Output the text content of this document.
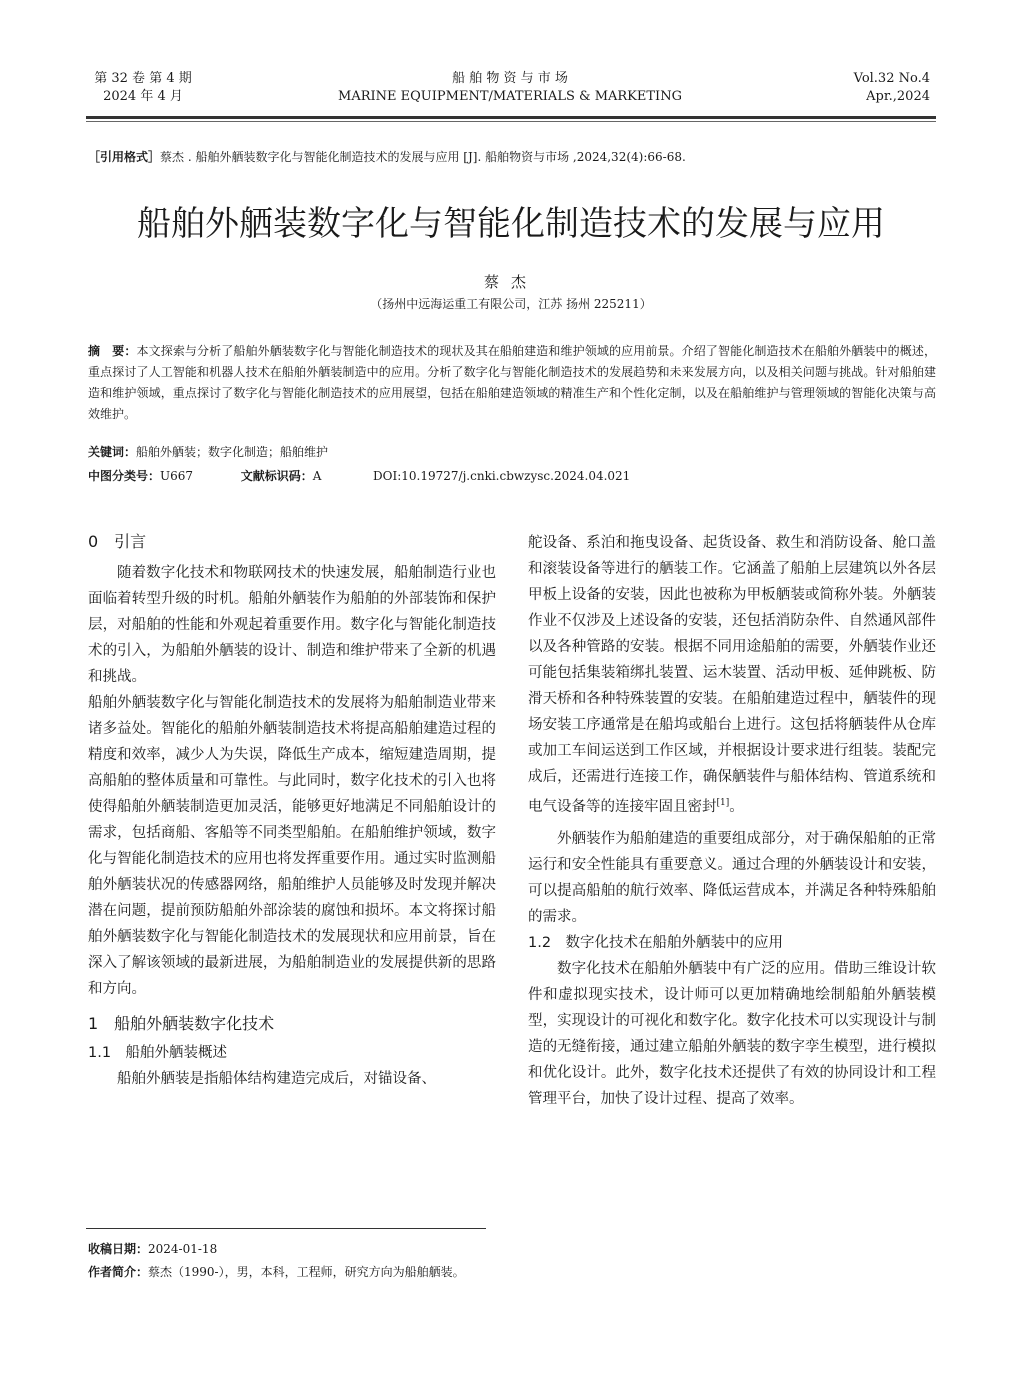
第 32 卷 第 4 期
2024 年 4 月
船 舶 物 资 与 市 场
MARINE EQUIPMENT/MATERIALS & MARKETING
Vol.32 No.4
Apr.,2024
［引用格式］蔡杰 . 船舶外舾装数字化与智能化制造技术的发展与应用 [J]. 船舶物资与市场 ,2024,32(4):66-68.
船舶外舾装数字化与智能化制造技术的发展与应用
蔡杰
（扬州中远海运重工有限公司，江苏 扬州 225211）
摘　要：本文探索与分析了船舶外舾装数字化与智能化制造技术的现状及其在船舶建造和维护领域的应用前景。介绍了智能化制造技术在船舶外舾装中的概述，重点探讨了人工智能和机器人技术在船舶外舾装制造中的应用。分析了数字化与智能化制造技术的发展趋势和未来发展方向，以及相关问题与挑战。针对船舶建造和维护领域，重点探讨了数字化与智能化制造技术的应用展望，包括在船舶建造领域的精准生产和个性化定制，以及在船舶维护与管理领域的智能化决策与高效维护。
关键词：船舶外舾装；数字化制造；船舶维护
中图分类号：U667	文献标识码：A	DOI:10.19727/j.cnki.cbwzysc.2024.04.021

0　引言

随着数字化技术和物联网技术的快速发展，船舶制造行业也面临着转型升级的时机。船舶外舾装作为船舶的外部装饰和保护层，对船舶的性能和外观起着重要作用。数字化与智能化制造技术的引入，为船舶外舾装的设计、制造和维护带来了全新的机遇和挑战。

船舶外舾装数字化与智能化制造技术的发展将为船舶制造业带来诸多益处。智能化的船舶外舾装制造技术将提高船舶建造过程的精度和效率，减少人为失误，降低生产成本，缩短建造周期，提高船舶的整体质量和可靠性。与此同时，数字化技术的引入也将使得船舶外舾装制造更加灵活，能够更好地满足不同船舶设计的需求，包括商船、客船等不同类型船舶。在船舶维护领域，数字化与智能化制造技术的应用也将发挥重要作用。通过实时监测船舶外舾装状况的传感器网络，船舶维护人员能够及时发现并解决潜在问题，提前预防船舶外部涂装的腐蚀和损坏。本文将探讨船舶外舾装数字化与智能化制造技术的发展现状和应用前景，旨在深入了解该领域的最新进展，为船舶制造业的发展提供新的思路和方向。

1　船舶外舾装数字化技术

1.1　船舶外舾装概述

船舶外舾装是指船体结构建造完成后，对锚设备、

舵设备、系泊和拖曳设备、起货设备、救生和消防设备、舱口盖和滚装设备等进行的舾装工作。它涵盖了船舶上层建筑以外各层甲板上设备的安装，因此也被称为甲板舾装或简称外装。外舾装作业不仅涉及上述设备的安装，还包括消防杂件、自然通风部件以及各种管路的安装。根据不同用途船舶的需要，外舾装作业还可能包括集装箱绑扎装置、运木装置、活动甲板、延伸跳板、防滑天桥和各种特殊装置的安装。在船舶建造过程中，舾装件的现场安装工序通常是在船坞或船台上进行。这包括将舾装件从仓库或加工车间运送到工作区域，并根据设计要求进行组装。装配完成后，还需进行连接工作，确保舾装件与船体结构、管道系统和电气设备等的连接牢固且密封[1]。

外舾装作为船舶建造的重要组成部分，对于确保船舶的正常运行和安全性能具有重要意义。通过合理的外舾装设计和安装，可以提高船舶的航行效率、降低运营成本，并满足各种特殊船舶的需求。

1.2　数字化技术在船舶外舾装中的应用

数字化技术在船舶外舾装中有广泛的应用。借助三维设计软件和虚拟现实技术，设计师可以更加精确地绘制船舶外舾装模型，实现设计的可视化和数字化。数字化技术可以实现设计与制造的无缝衔接，通过建立船舶外舾装的数字孪生模型，进行模拟和优化设计。此外，数字化技术还提供了有效的协同设计和工程管理平台，加快了设计过程、提高了效率。

收稿日期：2024-01-18
作者简介：蔡杰（1990-），男，本科，工程师，研究方向为船舶舾装。
